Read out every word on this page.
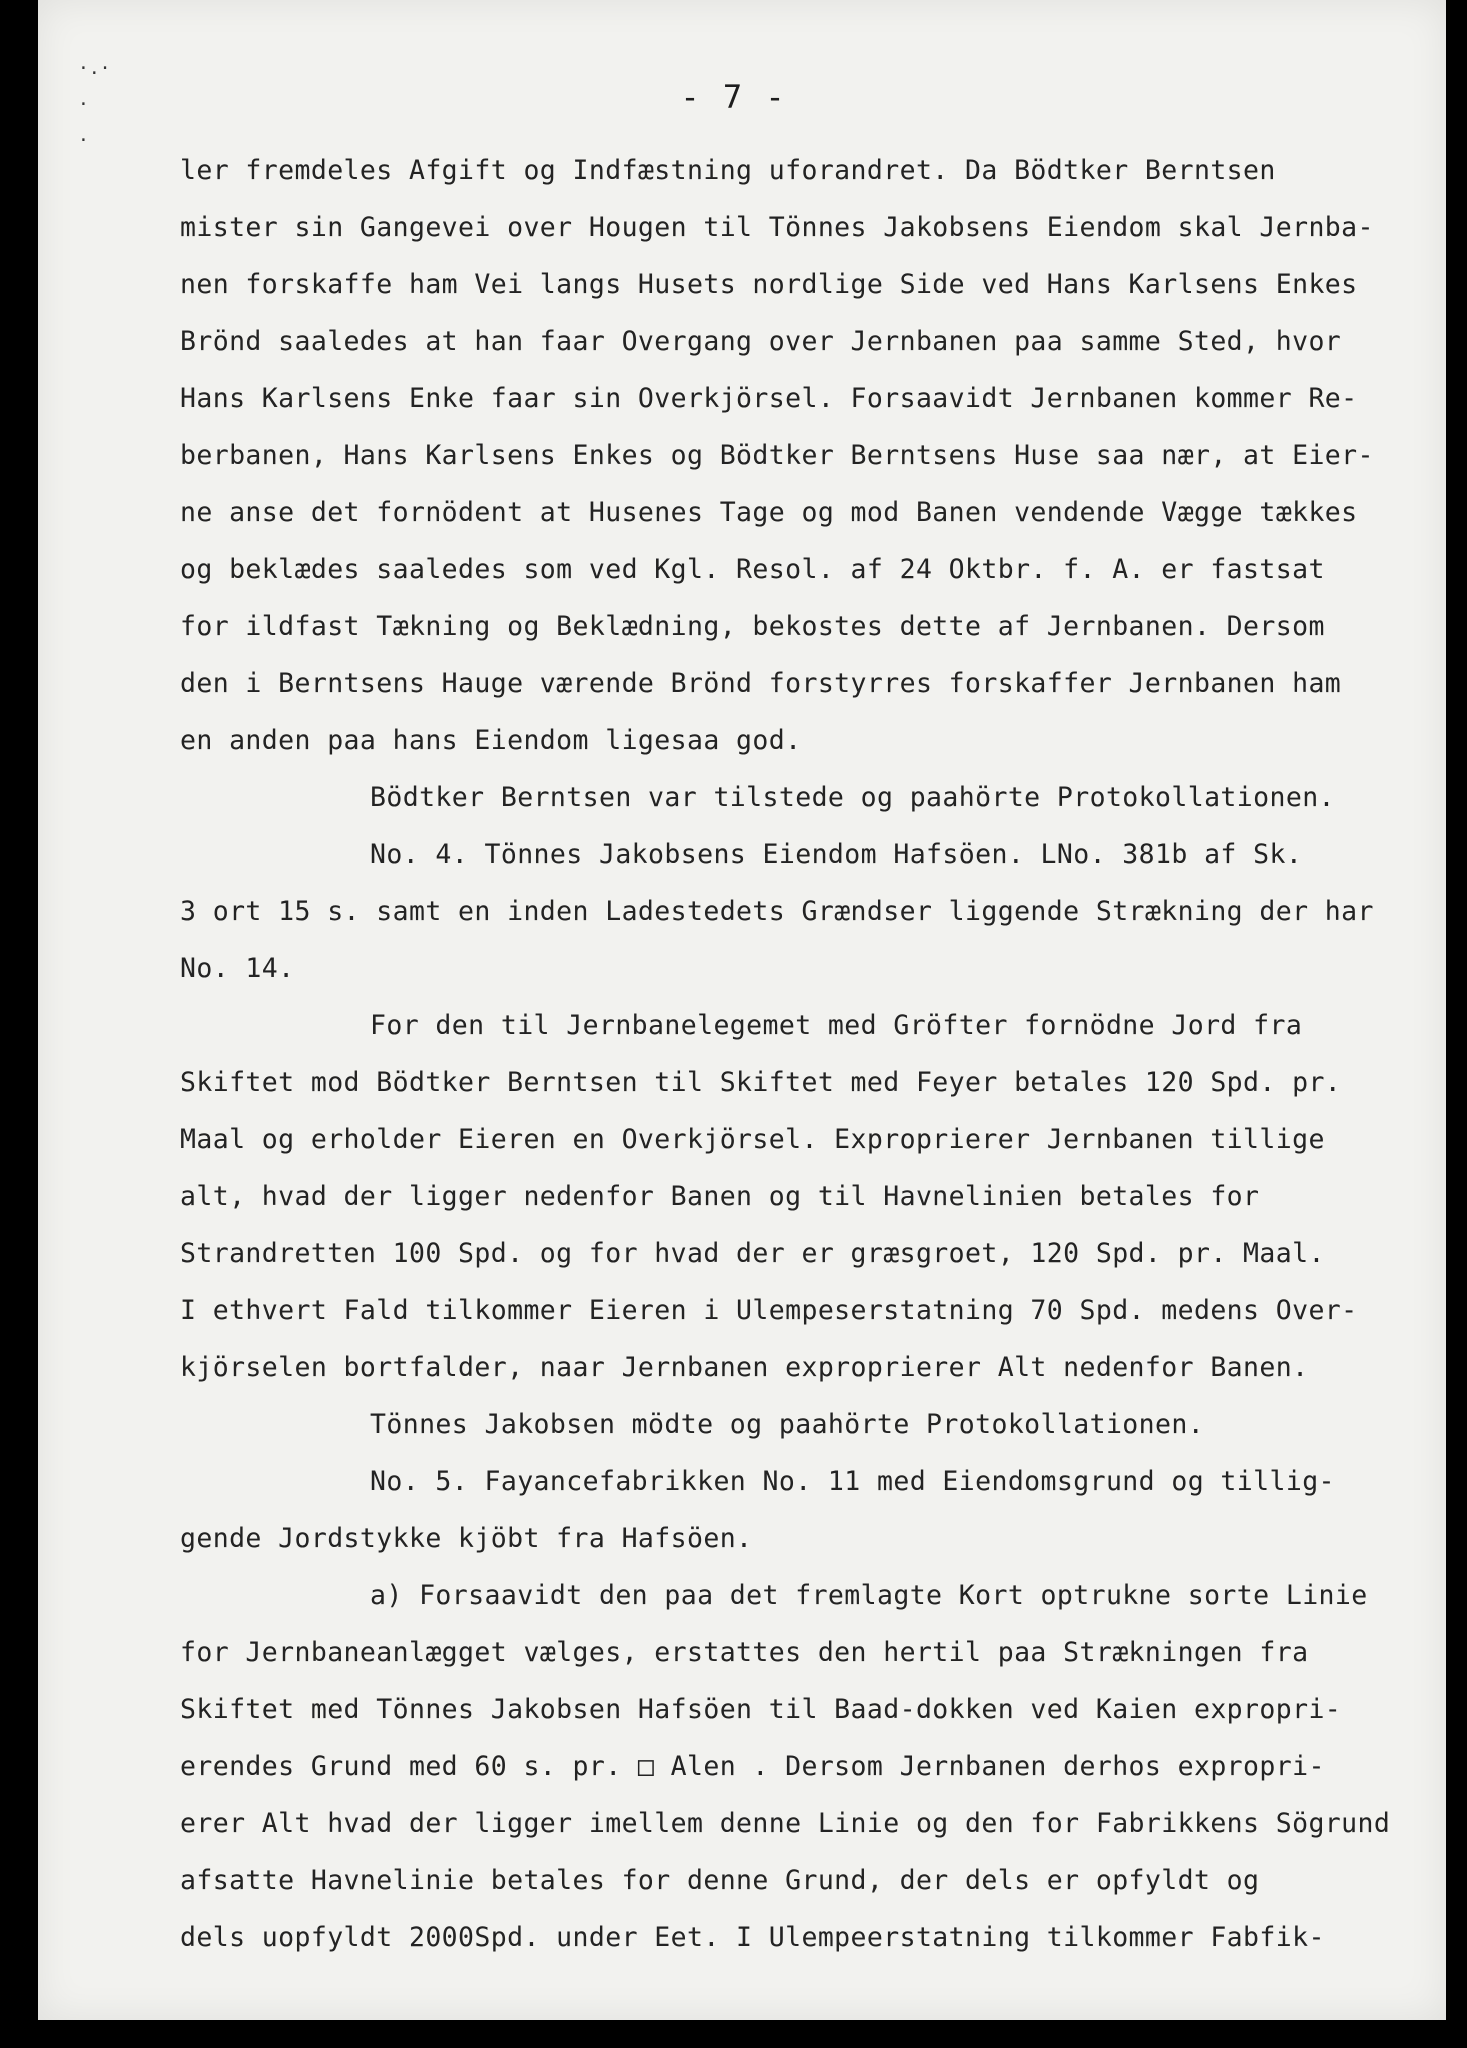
·.·

·

·
- 7 -
ler fremdeles Afgift og Indfæstning uforandret. Da Bödtker Berntsen
mister sin Gangevei over Hougen til Tönnes Jakobsens Eiendom skal Jernba-
nen forskaffe ham Vei langs Husets nordlige Side ved Hans Karlsens Enkes
Brönd saaledes at han faar Overgang over Jernbanen paa samme Sted, hvor
Hans Karlsens Enke faar sin Overkjörsel. Forsaavidt Jernbanen kommer Re-
berbanen, Hans Karlsens Enkes og Bödtker Berntsens Huse saa nær, at Eier-
ne anse det fornödent at Husenes Tage og mod Banen vendende Vægge tækkes
og beklædes saaledes som ved Kgl. Resol. af 24 Oktbr. f. A. er fastsat
for ildfast Tækning og Beklædning, bekostes dette af Jernbanen. Dersom
den i Berntsens Hauge værende Brönd forstyrres forskaffer Jernbanen ham
en anden paa hans Eiendom ligesaa god.
Bödtker Berntsen var tilstede og paahörte Protokollationen.
No. 4. Tönnes Jakobsens Eiendom Hafsöen. LNo. 381b af Sk.
3 ort 15 s. samt en inden Ladestedets Grændser liggende Strækning der har
No. 14.
For den til Jernbanelegemet med Gröfter fornödne Jord fra
Skiftet mod Bödtker Berntsen til Skiftet med Feyer betales 120 Spd. pr.
Maal og erholder Eieren en Overkjörsel. Exproprierer Jernbanen tillige
alt, hvad der ligger nedenfor Banen og til Havnelinien betales for
Strandretten 100 Spd. og for hvad der er græsgroet, 120 Spd. pr. Maal.
I ethvert Fald tilkommer Eieren i Ulempeserstatning 70 Spd. medens Over-
kjörselen bortfalder, naar Jernbanen exproprierer Alt nedenfor Banen.
Tönnes Jakobsen mödte og paahörte Protokollationen.
No. 5. Fayancefabrikken No. 11 med Eiendomsgrund og tillig-
gende Jordstykke kjöbt fra Hafsöen.
a) Forsaavidt den paa det fremlagte Kort optrukne sorte Linie
for Jernbaneanlægget vælges, erstattes den hertil paa Strækningen fra
Skiftet med Tönnes Jakobsen Hafsöen til Baad-dokken ved Kaien expropri-
erendes Grund med 60 s. pr. □ Alen . Dersom Jernbanen derhos expropri-
erer Alt hvad der ligger imellem denne Linie og den for Fabrikkens Sögrund
afsatte Havnelinie betales for denne Grund, der dels er opfyldt og
dels uopfyldt 2000Spd. under Eet. I Ulempeerstatning tilkommer Fabfik-
